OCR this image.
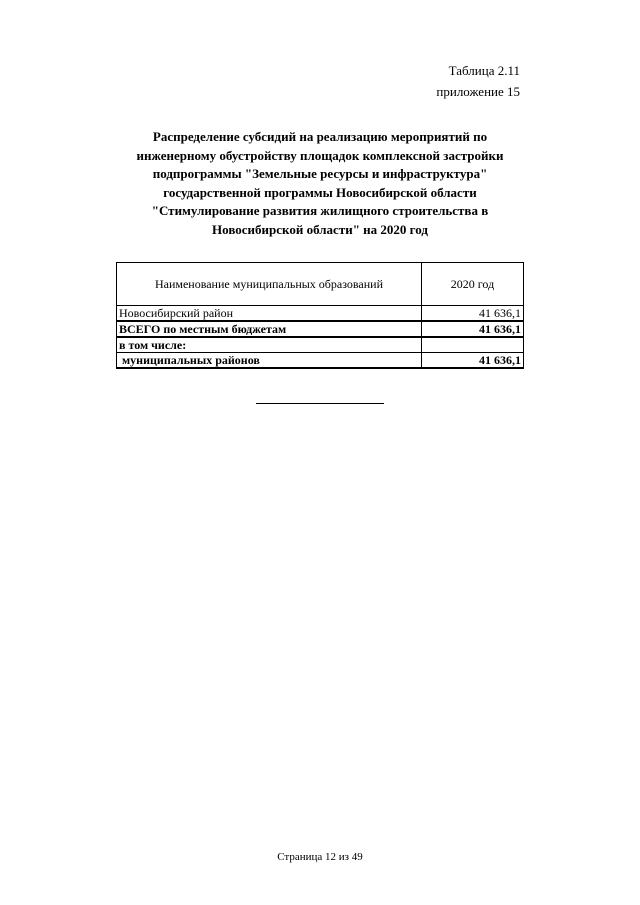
Таблица 2.11
приложение 15
Распределение субсидий на реализацию мероприятий по
инженерному обустройству площадок комплексной застройки
подпрограммы "Земельные ресурсы и инфраструктура"
государственной программы Новосибирской области
"Стимулирование развития жилищного строительства в
Новосибирской области" на 2020 год
Наименование муниципальных образований	2020 год
Новосибирский район	41 636,1
ВСЕГО по местным бюджетам	41 636,1
в том числе:	
муниципальных районов	41 636,1
Страница 12 из 49
